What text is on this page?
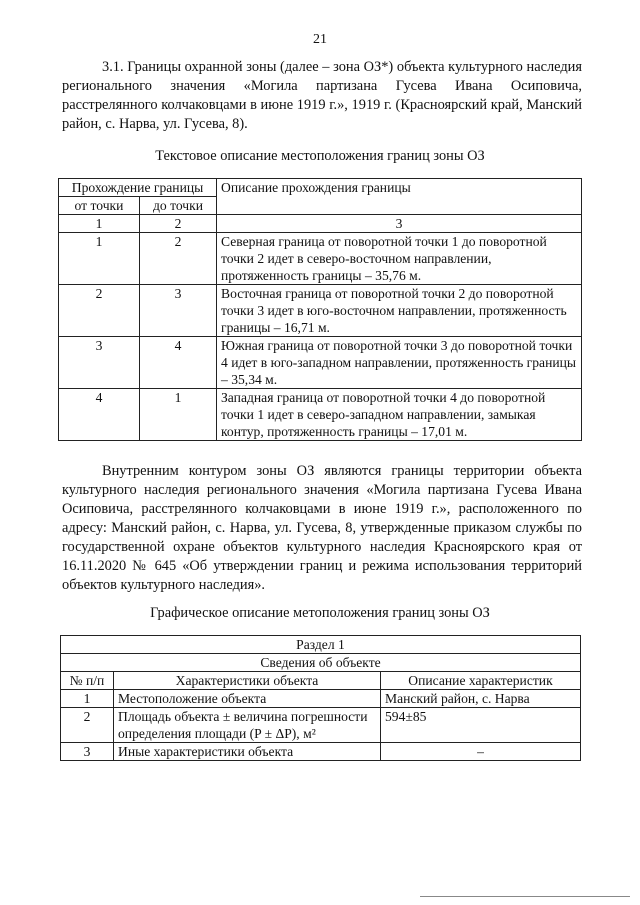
21
3.1. Границы охранной зоны (далее – зона ОЗ*) объекта культурного наследия регионального значения «Могила партизана Гусева Ивана Осиповича, расстрелянного колчаковцами в июне 1919 г.», 1919 г. (Красноярский край, Манский район, с. Нарва, ул. Гусева, 8).
Текстовое описание местоположения границ зоны ОЗ
Прохождение границы		Описание прохождения границы
от точки	до точки	
1	2	3
1	2	Северная граница от поворотной точки 1 до поворотной точки 2 идет в северо-восточном направлении, протяженность границы – 35,76 м.
2	3	Восточная граница от поворотной точки 2 до поворотной точки 3 идет в юго-восточном направлении, протяженность границы – 16,71 м.
3	4	Южная граница от поворотной точки 3 до поворотной точки 4 идет в юго-западном направлении, протяженность границы – 35,34 м.
4	1	Западная граница от поворотной точки 4 до поворотной точки 1 идет в северо-западном направлении, замыкая контур, протяженность границы – 17,01 м.
Внутренним контуром зоны ОЗ являются границы территории объекта культурного наследия регионального значения «Могила партизана Гусева Ивана Осиповича, расстрелянного колчаковцами в июне 1919 г.», расположенного по адресу: Манский район, с. Нарва, ул. Гусева, 8, утвержденные приказом службы по государственной охране объектов культурного наследия Красноярского края от 16.11.2020 № 645 «Об утверждении границ и режима использования территорий объектов культурного наследия».
Графическое описание метоположения границ зоны ОЗ
Раздел 1		
Сведения об объекте		
№ п/п	Характеристики объекта	Описание характеристик
1	Местоположение объекта	Манский район, с. Нарва
2	Площадь объекта ± величина погрешности определения площади (P ± ΔP), м²	594±85
3	Иные характеристики объекта	–
